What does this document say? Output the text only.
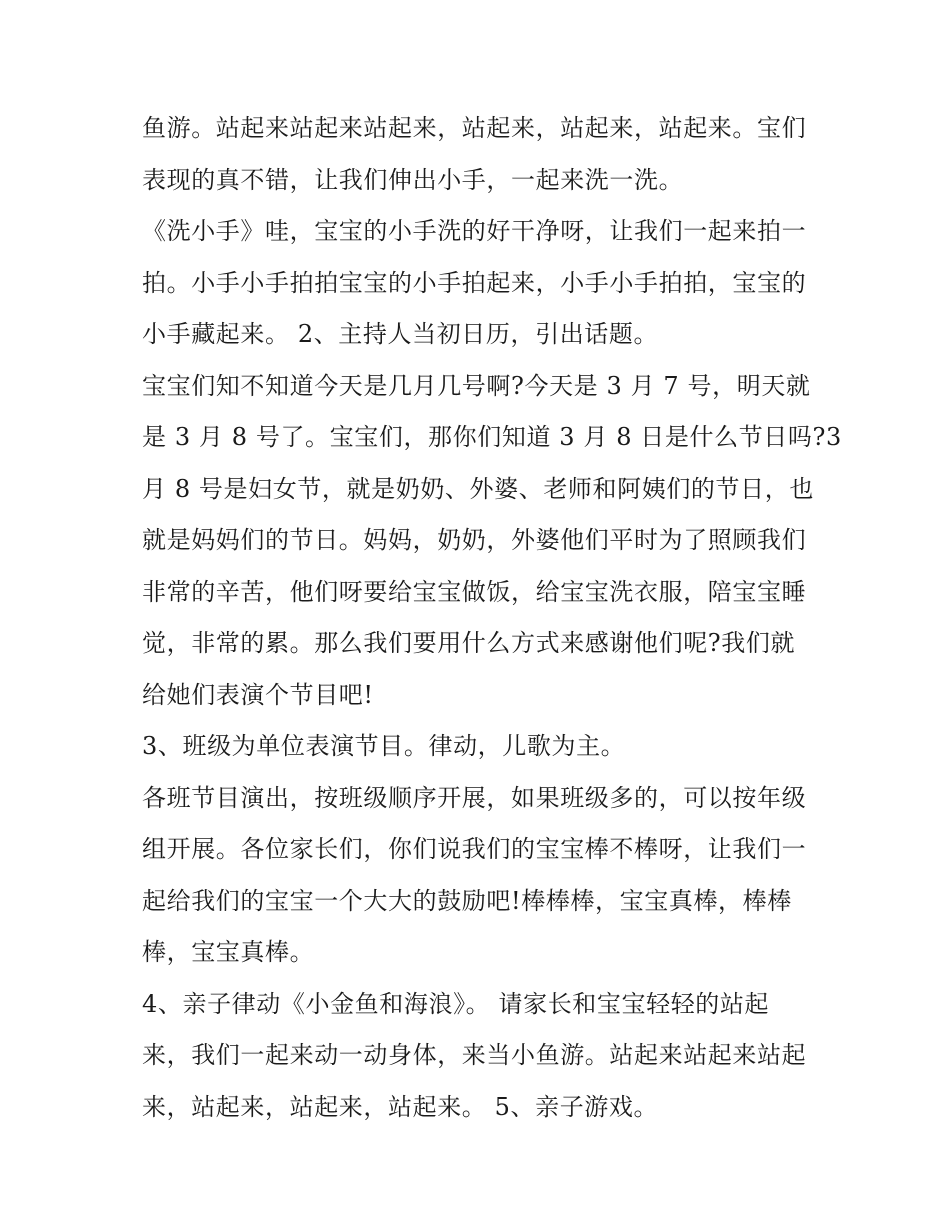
鱼游。站起来站起来站起来，站起来，站起来，站起来。宝们
表现的真不错，让我们伸出小手，一起来洗一洗。
《洗小手》哇，宝宝的小手洗的好干净呀，让我们一起来拍一
拍。小手小手拍拍宝宝的小手拍起来，小手小手拍拍，宝宝的
小手藏起来。 2、主持人当初日历，引出话题。
宝宝们知不知道今天是几月几号啊?今天是 3 月 7 号，明天就
是 3 月 8 号了。宝宝们，那你们知道 3 月 8 日是什么节日吗?3
月 8 号是妇女节，就是奶奶、外婆、老师和阿姨们的节日，也
就是妈妈们的节日。妈妈，奶奶，外婆他们平时为了照顾我们
非常的辛苦，他们呀要给宝宝做饭，给宝宝洗衣服，陪宝宝睡
觉，非常的累。那么我们要用什么方式来感谢他们呢?我们就
给她们表演个节目吧!
3、班级为单位表演节目。律动，儿歌为主。
各班节目演出，按班级顺序开展，如果班级多的，可以按年级
组开展。各位家长们，你们说我们的宝宝棒不棒呀，让我们一
起给我们的宝宝一个大大的鼓励吧!棒棒棒，宝宝真棒，棒棒
棒，宝宝真棒。
4、亲子律动《小金鱼和海浪》。 请家长和宝宝轻轻的站起
来，我们一起来动一动身体，来当小鱼游。站起来站起来站起
来，站起来，站起来，站起来。 5、亲子游戏。
